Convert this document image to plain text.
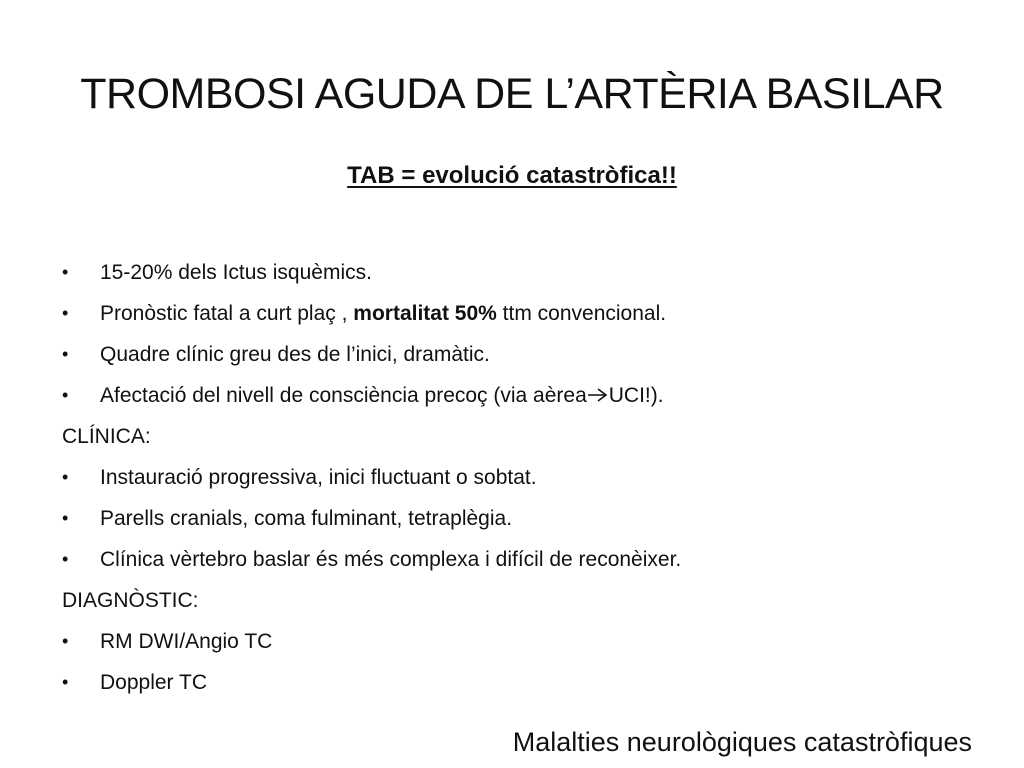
TROMBOSI AGUDA DE L’ARTÈRIA BASILAR
TAB = evolució catastròfica!!
• 15-20% dels Ictus isquèmics.
• Pronòstic fatal a curt plaç , mortalitat 50% ttm convencional.
• Quadre clínic greu des de l’inici, dramàtic.
• Afectació del nivell de consciència precoç (via aèrea UCI!).
CLÍNICA:
• Instauració progressiva, inici fluctuant o sobtat.
• Parells cranials, coma fulminant, tetraplègia.
• Clínica vèrtebro baslar és més complexa i difícil de reconèixer.
DIAGNÒSTIC:
• RM DWI/Angio TC
• Doppler TC
Malalties neurològiques catastròfiques
